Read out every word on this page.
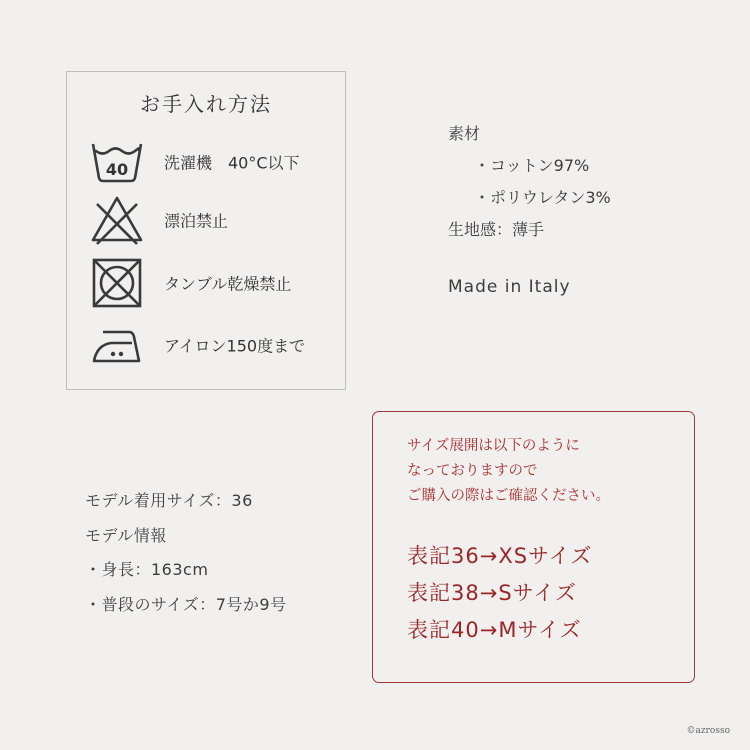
お手入れ方法
40 洗濯機　40°C以下
漂泊禁止
タンブル乾燥禁止
アイロン150度まで
素材
・コットン97%
・ポリウレタン3%
生地感：薄手
Made in Italy
モデル着用サイズ：36
モデル情報
・身長：163cm
・普段のサイズ：7号か9号
サイズ展開は以下のように
なっておりますので
ご購入の際はご確認ください。
表記36→XSサイズ
表記38→Sサイズ
表記40→Mサイズ
©azrosso
